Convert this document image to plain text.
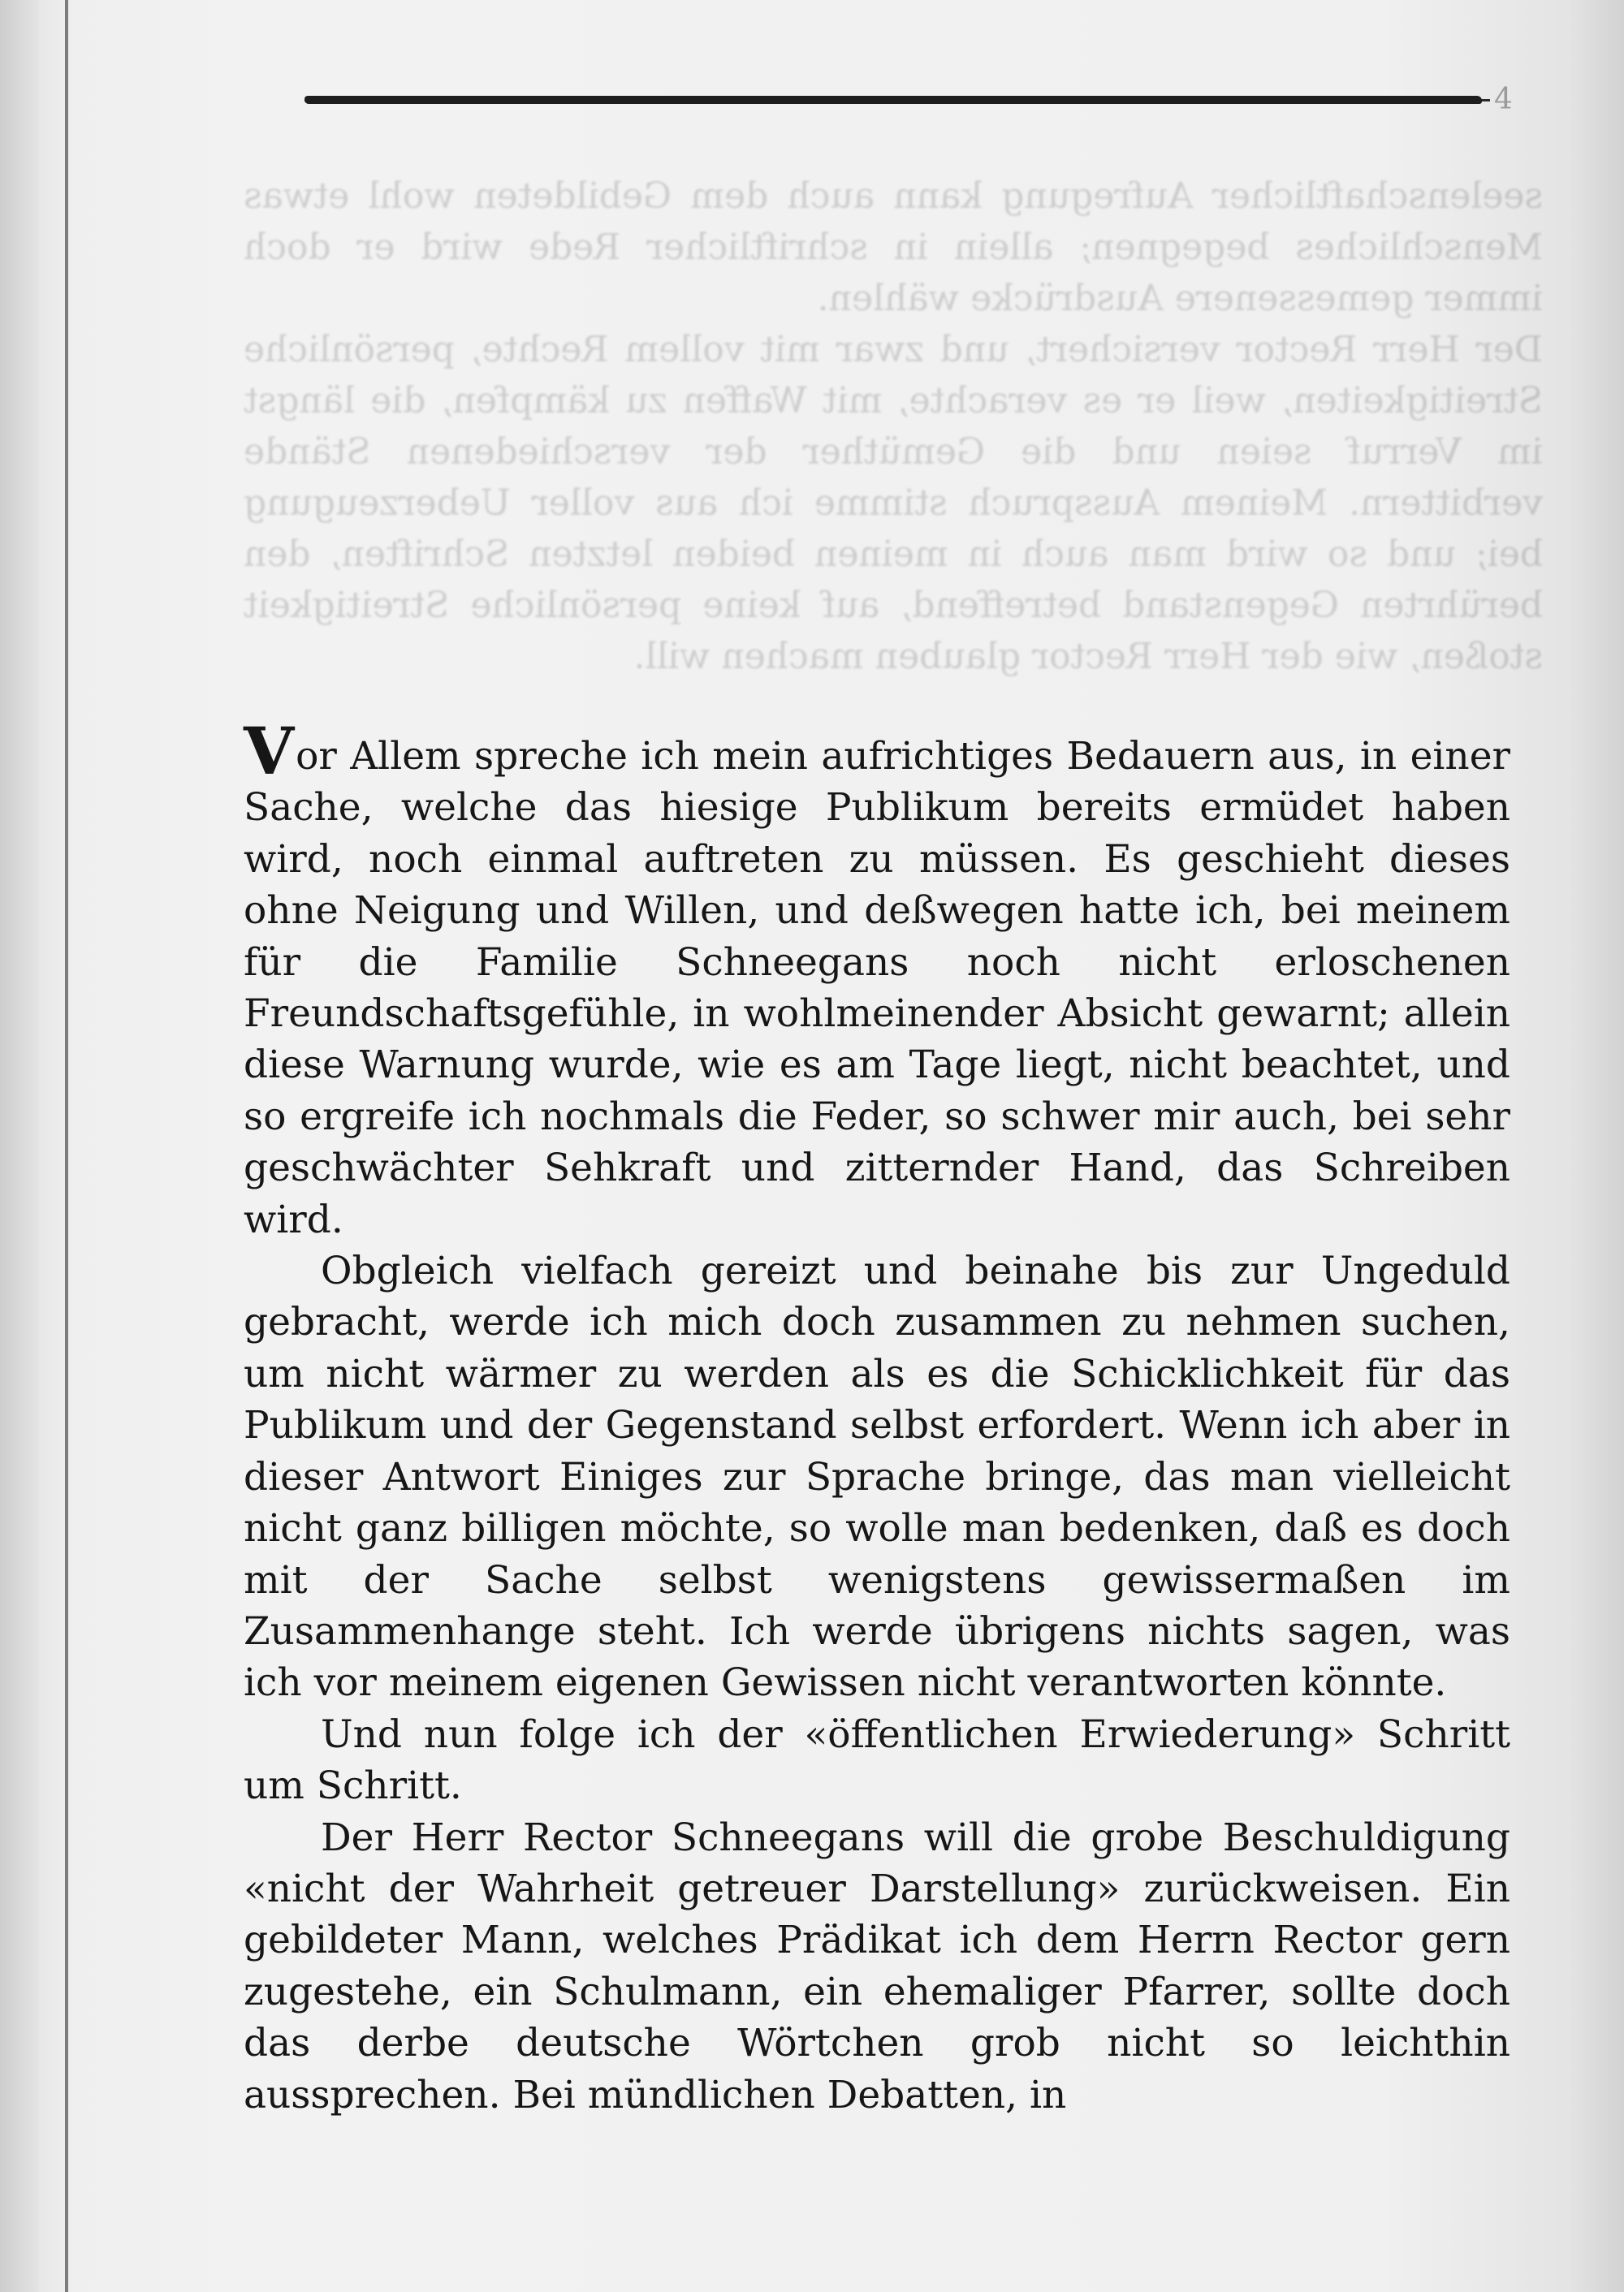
4
seelenschaftlicher Aufregung kann auch dem Gebildeten wohl etwas Menschliches begegnen; allein in schriftlicher Rede wird er doch immer gemessenere Ausdrücke wählen.
Der Herr Rector versichert, und zwar mit vollem Rechte, persönliche Streitigkeiten, weil er es verachte, mit Waffen zu kämpfen, die längst im Verruf seien und die Gemüther der verschiedenen Stände verbittern. Meinem Ausspruch stimme ich aus voller Ueberzeugung bei; und so wird man auch in meinen beiden letzten Schriften, den berührten Gegenstand betreffend, auf keine persönliche Streitigkeit stoßen, wie der Herr Rector glauben machen will.

Vor Allem spreche ich mein aufrichtiges Bedauern aus, in einer Sache, welche das hiesige Publikum bereits ermüdet haben wird, noch einmal auftreten zu müssen. Es geschieht dieses ohne Neigung und Willen, und deßwegen hatte ich, bei meinem für die Familie Schneegans noch nicht erloschenen Freundschaftsgefühle, in wohlmeinender Absicht gewarnt; allein diese Warnung wurde, wie es am Tage liegt, nicht beachtet, und so ergreife ich nochmals die Feder, so schwer mir auch, bei sehr geschwächter Sehkraft und zitternder Hand, das Schreiben wird.

Obgleich vielfach gereizt und beinahe bis zur Ungeduld gebracht, werde ich mich doch zusammen zu nehmen suchen, um nicht wärmer zu werden als es die Schicklichkeit für das Publikum und der Gegenstand selbst erfordert. Wenn ich aber in dieser Antwort Einiges zur Sprache bringe, das man vielleicht nicht ganz billigen möchte, so wolle man bedenken, daß es doch mit der Sache selbst wenigstens gewissermaßen im Zusammenhange steht. Ich werde übrigens nichts sagen, was ich vor meinem eigenen Gewissen nicht verantworten könnte.

Und nun folge ich der «öffentlichen Erwiederung» Schritt um Schritt.

Der Herr Rector Schneegans will die grobe Beschuldigung «nicht der Wahrheit getreuer Darstellung» zurückweisen. Ein gebildeter Mann, welches Prädikat ich dem Herrn Rector gern zugestehe, ein Schulmann, ein ehemaliger Pfarrer, sollte doch das derbe deutsche Wörtchen grob nicht so leichthin aussprechen. Bei mündlichen Debatten, in
